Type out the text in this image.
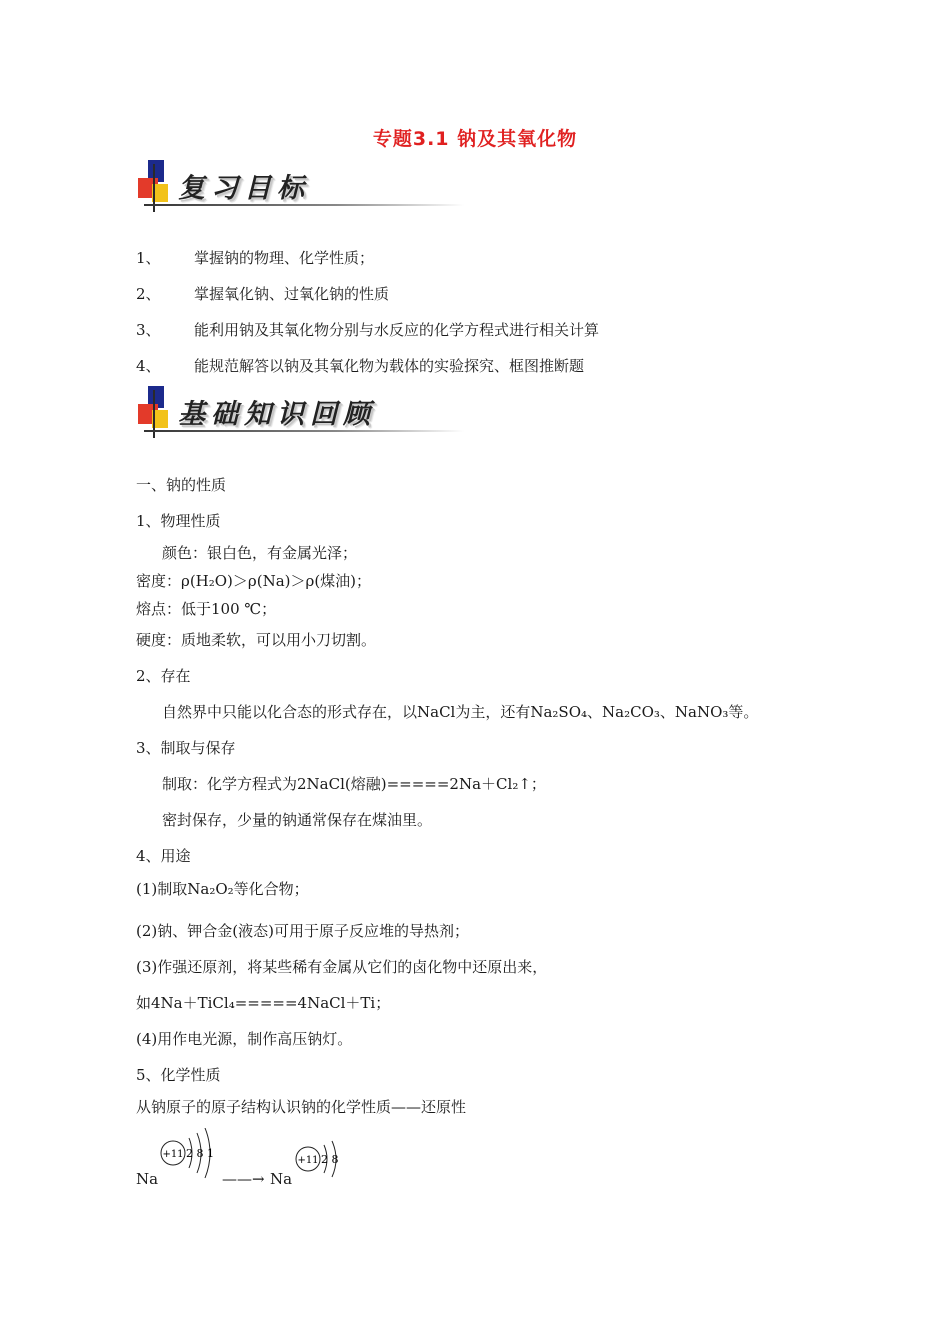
专题3.1 钠及其氧化物
复习目标
1、 掌握钠的物理、化学性质；
2、 掌握氧化钠、过氧化钠的性质
3、 能利用钠及其氧化物分别与水反应的化学方程式进行相关计算
4、 能规范解答以钠及其氧化物为载体的实验探究、框图推断题
基础知识回顾
一、钠的性质
1、物理性质
颜色：银白色，有金属光泽；
密度：ρ(H₂O)＞ρ(Na)＞ρ(煤油)；
熔点：低于100 ℃；
硬度：质地柔软，可以用小刀切割。
2、存在
自然界中只能以化合态的形式存在，以NaCl为主，还有Na₂SO₄、Na₂CO₃、NaNO₃等。
3、制取与保存
制取：化学方程式为2NaCl(熔融)=====2Na＋Cl₂↑；
密封保存，少量的钠通常保存在煤油里。
4、用途
(1)制取Na₂O₂等化合物；
(2)钠、钾合金(液态)可用于原子反应堆的导热剂；
(3)作强还原剂，将某些稀有金属从它们的卤化物中还原出来，
如4Na＋TiCl₄=====4NaCl＋Ti；
(4)用作电光源，制作高压钠灯。
5、化学性质
从钠原子的原子结构认识钠的化学性质——还原性
Na
+11 2 8 1
——→ Na
+11 2 8
